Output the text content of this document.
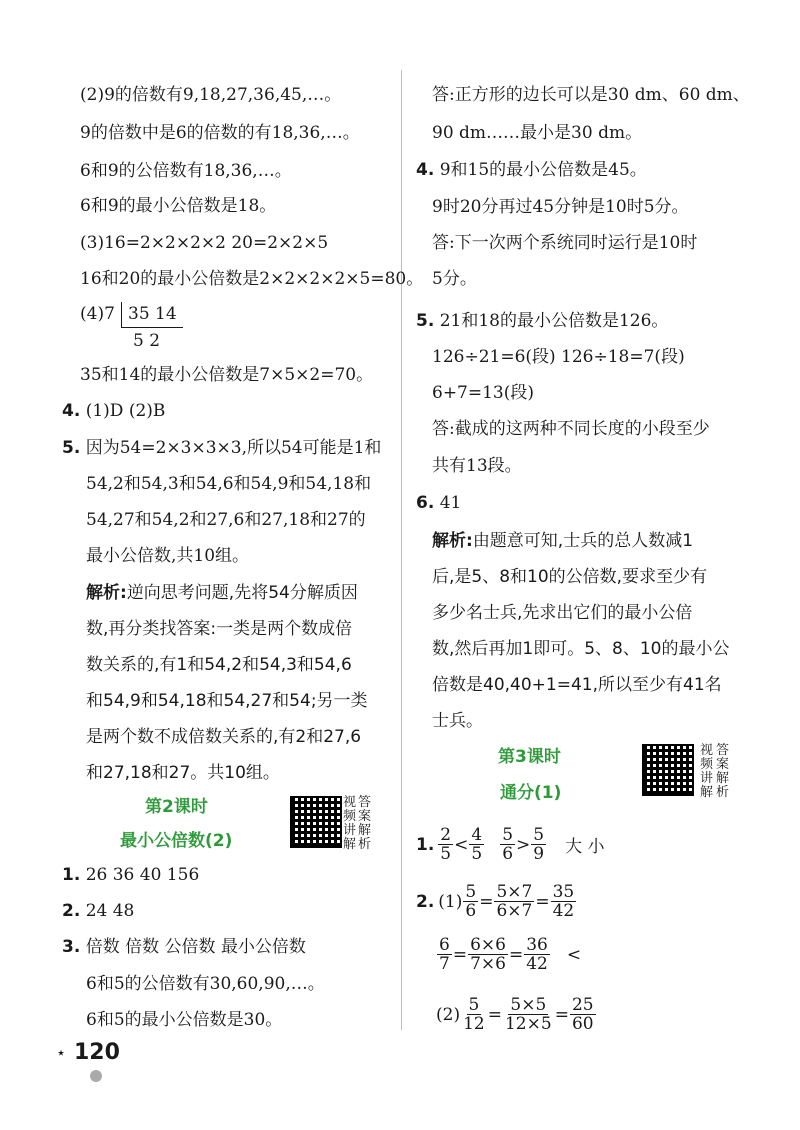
(2)9的倍数有9,18,27,36,45,…。
9的倍数中是6的倍数的有18,36,…。
6和9的公倍数有18,36,…。
6和9的最小公倍数是18。
(3)16=2×2×2×2 20=2×2×5
16和20的最小公倍数是2×2×2×2×5=80。
(4)7 35 14
5 2
35和14的最小公倍数是7×5×2=70。
4. (1)D (2)B
5. 因为54=2×3×3×3,所以54可能是1和
54,2和54,3和54,6和54,9和54,18和
54,27和54,2和27,6和27,18和27的
最小公倍数,共10组。
解析:逆向思考问题,先将54分解质因
数,再分类找答案:一类是两个数成倍
数关系的,有1和54,2和54,3和54,6
和54,9和54,18和54,27和54;另一类
是两个数不成倍数关系的,有2和27,6
和27,18和27。共10组。
第2课时
最小公倍数(2)
视频讲解
答案解析
1. 26 36 40 156
2. 24 48
3. 倍数 倍数 公倍数 最小公倍数
6和5的公倍数有30,60,90,…。
6和5的最小公倍数是30。
答:正方形的边长可以是30 dm、60 dm、
90 dm……最小是30 dm。
4. 9和15的最小公倍数是45。
9时20分再过45分钟是10时5分。
答:下一次两个系统同时运行是10时
5分。
5. 21和18的最小公倍数是126。
126÷21=6(段) 126÷18=7(段)
6+7=13(段)
答:截成的这两种不同长度的小段至少
共有13段。
6. 41
解析:由题意可知,士兵的总人数减1
后,是5、8和10的公倍数,要求至少有
多少名士兵,先求出它们的最小公倍
数,然后再加1即可。5、8、10的最小公
倍数是40,40+1=41,所以至少有41名
士兵。
第3课时
通分(1)
视频讲解
答案解析
1. $\frac{2}{5} < \frac{4}{5} \frac{5}{6} > \frac{5}{9}$ 大 小
2. $(1) \frac{5}{6} = \frac{5\times 7}{6\times 7} = \frac{35}{42}$
$\frac{6}{7} = \frac{6\times 6}{7\times 6} = \frac{36}{42}$ <
$(2) \frac{5}{12} = \frac{5\times 5}{12\times 5} = \frac{25}{60}$
⋆ 120
